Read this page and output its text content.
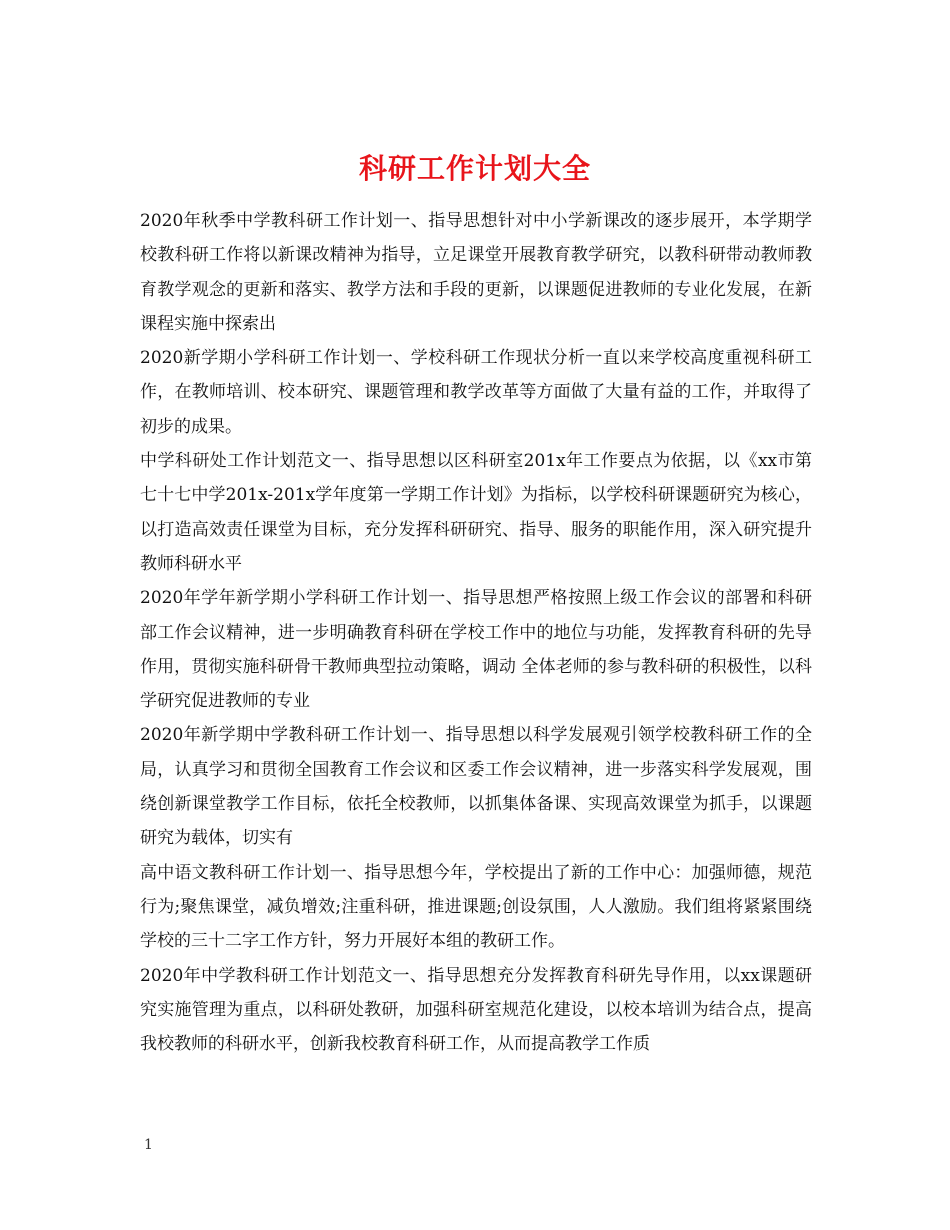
科研工作计划大全

2020年秋季中学教科研工作计划一、指导思想针对中小学新课改的逐步展开，本学期学校教科研工作将以新课改精神为指导，立足课堂开展教育教学研究，以教科研带动教师教育教学观念的更新和落实、教学方法和手段的更新，以课题促进教师的专业化发展，在新课程实施中探索出

2020新学期小学科研工作计划一、学校科研工作现状分析一直以来学校高度重视科研工作，在教师培训、校本研究、课题管理和教学改革等方面做了大量有益的工作，并取得了初步的成果。

中学科研处工作计划范文一、指导思想以区科研室201x年工作要点为依据，以《xx市第七十七中学201x-201x学年度第一学期工作计划》为指标，以学校科研课题研究为核心，以打造高效责任课堂为目标，充分发挥科研研究、指导、服务的职能作用，深入研究提升教师科研水平

2020年学年新学期小学科研工作计划一、指导思想严格按照上级工作会议的部署和科研部工作会议精神，进一步明确教育科研在学校工作中的地位与功能，发挥教育科研的先导作用，贯彻实施科研骨干教师典型拉动策略，调动 全体老师的参与教科研的积极性，以科学研究促进教师的专业

2020年新学期中学教科研工作计划一、指导思想以科学发展观引领学校教科研工作的全局，认真学习和贯彻全国教育工作会议和区委工作会议精神，进一步落实科学发展观，围绕创新课堂教学工作目标，依托全校教师，以抓集体备课、实现高效课堂为抓手，以课题研究为载体，切实有

高中语文教科研工作计划一、指导思想今年，学校提出了新的工作中心：加强师德，规范行为;聚焦课堂，减负增效;注重科研，推进课题;创设氛围，人人激励。我们组将紧紧围绕学校的三十二字工作方针，努力开展好本组的教研工作。

2020年中学教科研工作计划范文一、指导思想充分发挥教育科研先导作用，以xx课题研究实施管理为重点，以科研处教研，加强科研室规范化建设，以校本培训为结合点，提高我校教师的科研水平，创新我校教育科研工作，从而提高教学工作质

1
